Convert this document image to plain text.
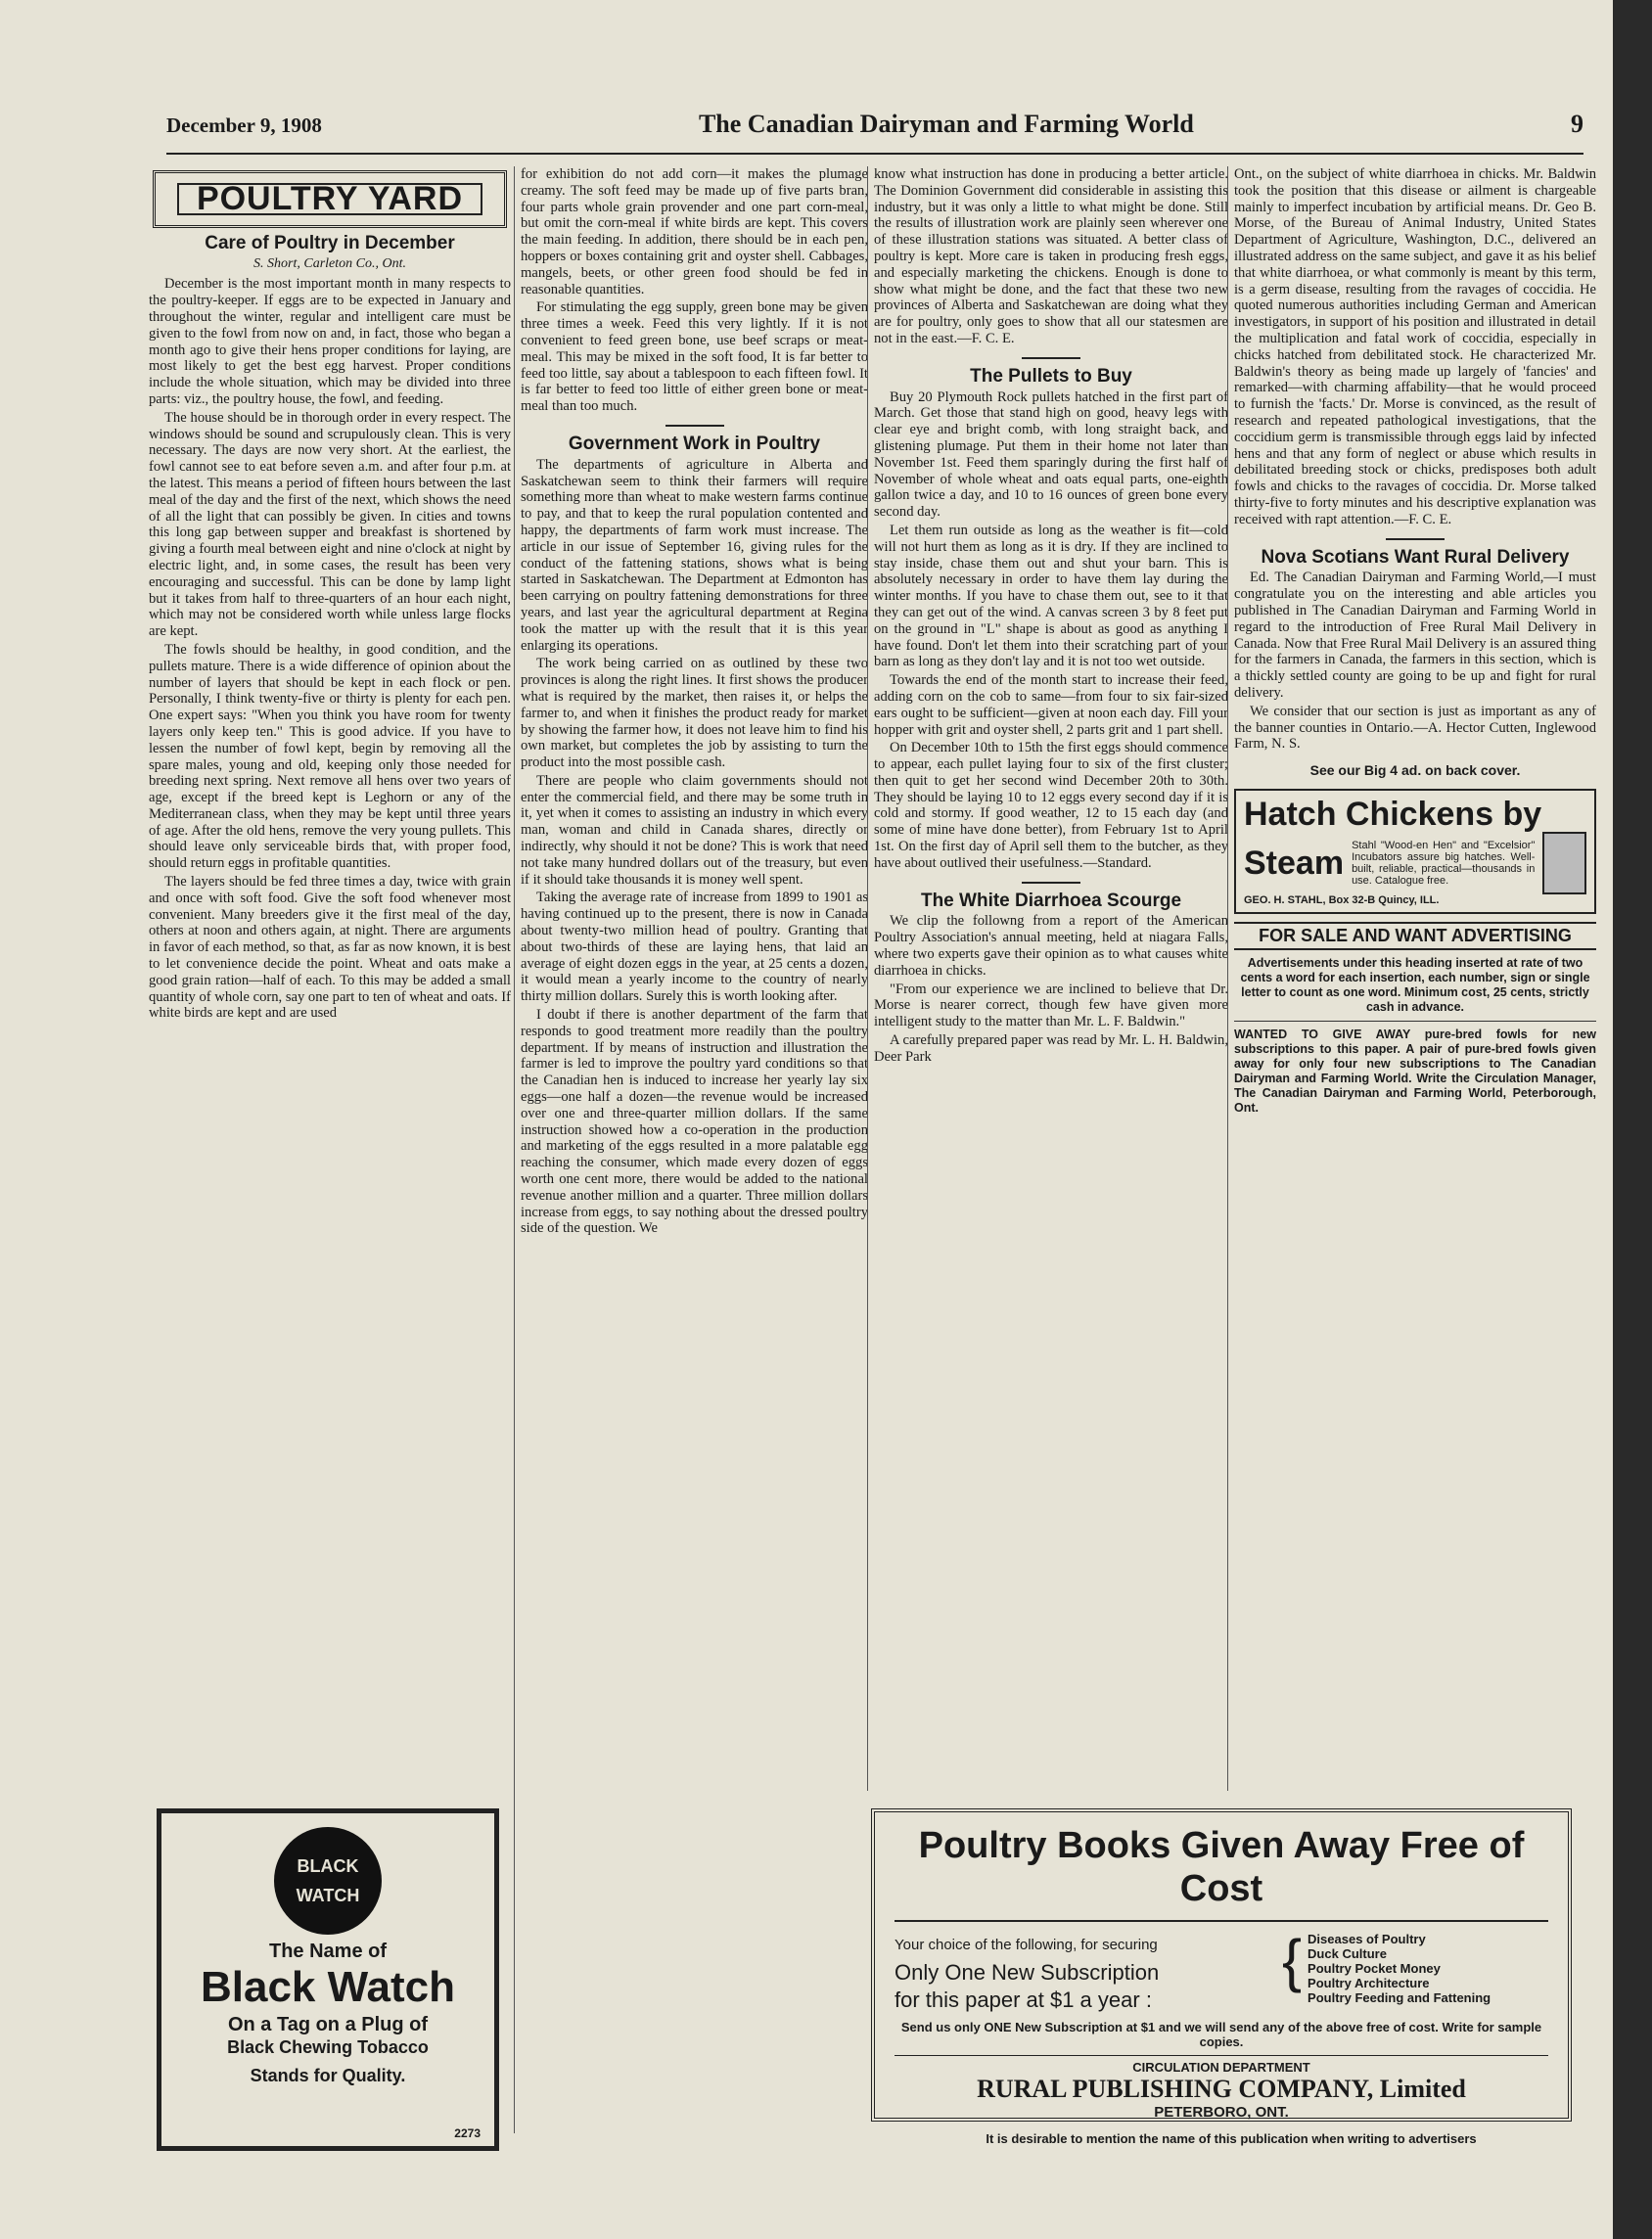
December 9, 1908	The Canadian Dairyman and Farming World	9
POULTRY YARD
Care of Poultry in December
S. Short, Carleton Co., Ont.

December is the most important month in many respects to the poultry-keeper. If eggs are to be expected in January and throughout the winter, regular and intelligent care must be given to the fowl from now on and, in fact, those who began a month ago to give their hens proper conditions for laying, are most likely to get the best egg harvest. Proper conditions include the whole situation, which may be divided into three parts: viz., the poultry house, the fowl, and feeding.

The house should be in thorough order in every respect. The windows should be sound and scrupulously clean. This is very necessary. The days are now very short. At the earliest, the fowl cannot see to eat before seven a.m. and after four p.m. at the latest. This means a period of fifteen hours between the last meal of the day and the first of the next, which shows the need of all the light that can possibly be given. In cities and towns this long gap between supper and breakfast is shortened by giving a fourth meal between eight and nine o'clock at night by electric light, and, in some cases, the result has been very encouraging and successful. This can be done by lamp light but it takes from half to three-quarters of an hour each night, which may not be considered worth while unless large flocks are kept.

The fowls should be healthy, in good condition, and the pullets mature. There is a wide difference of opinion about the number of layers that should be kept in each flock or pen. Personally, I think twenty-five or thirty is plenty for each pen. One expert says: "When you think you have room for twenty layers only keep ten." This is good advice. If you have to lessen the number of fowl kept, begin by removing all the spare males, young and old, keeping only those needed for breeding next spring. Next remove all hens over two years of age, except if the breed kept is Leghorn or any of the Mediterranean class, when they may be kept until three years of age. After the old hens, remove the very young pullets. This should leave only serviceable birds that, with proper food, should return eggs in profitable quantities.

The layers should be fed three times a day, twice with grain and once with soft food. Give the soft food whenever most convenient. Many breeders give it the first meal of the day, others at noon and others again, at night. There are arguments in favor of each method, so that, as far as now known, it is best to let convenience decide the point. Wheat and oats make a good grain ration—half of each. To this may be added a small quantity of whole corn, say one part to ten of wheat and oats. If white birds are kept and are used

for exhibition do not add corn—it makes the plumage creamy. The soft feed may be made up of five parts bran, four parts whole grain provender and one part corn-meal, but omit the corn-meal if white birds are kept. This covers the main feeding. In addition, there should be in each pen, hoppers or boxes containing grit and oyster shell. Cabbages, mangels, beets, or other green food should be fed in reasonable quantities.

For stimulating the egg supply, green bone may be given three times a week. Feed this very lightly. If it is not convenient to feed green bone, use beef scraps or meat-meal. This may be mixed in the soft food, It is far better to feed too little, say about a tablespoon to each fifteen fowl. It is far better to feed too little of either green bone or meat-meal than too much.

Government Work in Poultry

The departments of agriculture in Alberta and Saskatchewan seem to think their farmers will require something more than wheat to make western farms continue to pay, and that to keep the rural population contented and happy, the departments of farm work must increase. The article in our issue of September 16, giving rules for the conduct of the fattening stations, shows what is being started in Saskatchewan. The Department at Edmonton has been carrying on poultry fattening demonstrations for three years, and last year the agricultural department at Regina took the matter up with the result that it is this year enlarging its operations.

The work being carried on as outlined by these two provinces is along the right lines. It first shows the producer what is required by the market, then raises it, or helps the farmer to, and when it finishes the product ready for market by showing the farmer how, it does not leave him to find his own market, but completes the job by assisting to turn the product into the most possible cash.

There are people who claim governments should not enter the commercial field, and there may be some truth in it, yet when it comes to assisting an industry in which every man, woman and child in Canada shares, directly or indirectly, why should it not be done? This is work that need not take many hundred dollars out of the treasury, but even if it should take thousands it is money well spent.

Taking the average rate of increase from 1899 to 1901 as having continued up to the present, there is now in Canada about twenty-two million head of poultry. Granting that about two-thirds of these are laying hens, that laid an average of eight dozen eggs in the year, at 25 cents a dozen, it would mean a yearly income to the country of nearly thirty million dollars. Surely this is worth looking after.

I doubt if there is another department of the farm that responds to good treatment more readily than the poultry department. If by means of instruction and illustration the farmer is led to improve the poultry yard conditions so that the Canadian hen is induced to increase her yearly lay six eggs—one half a dozen—the revenue would be increased over one and three-quarter million dollars. If the same instruction showed how a co-operation in the production and marketing of the eggs resulted in a more palatable egg reaching the consumer, which made every dozen of eggs worth one cent more, there would be added to the national revenue another million and a quarter. Three million dollars increase from eggs, to say nothing about the dressed poultry side of the question. We

know what instruction has done in producing a better article. The Dominion Government did considerable in assisting this industry, but it was only a little to what might be done. Still the results of illustration work are plainly seen wherever one of these illustration stations was situated. A better class of poultry is kept. More care is taken in producing fresh eggs, and especially marketing the chickens. Enough is done to show what might be done, and the fact that these two new provinces of Alberta and Saskatchewan are doing what they are for poultry, only goes to show that all our statesmen are not in the east.—F. C. E.

The Pullets to Buy

Buy 20 Plymouth Rock pullets hatched in the first part of March. Get those that stand high on good, heavy legs with clear eye and bright comb, with long straight back, and glistening plumage. Put them in their home not later than November 1st. Feed them sparingly during the first half of November of whole wheat and oats equal parts, one-eighth gallon twice a day, and 10 to 16 ounces of green bone every second day.

Let them run outside as long as the weather is fit—cold will not hurt them as long as it is dry. If they are inclined to stay inside, chase them out and shut your barn. This is absolutely necessary in order to have them lay during the winter months. If you have to chase them out, see to it that they can get out of the wind. A canvas screen 3 by 8 feet put on the ground in "L" shape is about as good as anything I have found. Don't let them into their scratching part of your barn as long as they don't lay and it is not too wet outside.

Towards the end of the month start to increase their feed, adding corn on the cob to same—from four to six fair-sized ears ought to be sufficient—given at noon each day. Fill your hopper with grit and oyster shell, 2 parts grit and 1 part shell.

On December 10th to 15th the first eggs should commence to appear, each pullet laying four to six of the first cluster; then quit to get her second wind December 20th to 30th. They should be laying 10 to 12 eggs every second day if it is cold and stormy. If good weather, 12 to 15 each day (and some of mine have done better), from February 1st to April 1st. On the first day of April sell them to the butcher, as they have about outlived their usefulness.—Standard.

The White Diarrhoea Scourge

We clip the followng from a report of the American Poultry Association's annual meeting, held at niagara Falls, where two experts gave their opinion as to what causes white diarrhoea in chicks.

"From our experience we are inclined to believe that Dr. Morse is nearer correct, though few have given more intelligent study to the matter than Mr. L. F. Baldwin."

A carefully prepared paper was read by Mr. L. H. Baldwin, Deer Park

Ont., on the subject of white diarrhoea in chicks. Mr. Baldwin took the position that this disease or ailment is chargeable mainly to imperfect incubation by artificial means. Dr. Geo B. Morse, of the Bureau of Animal Industry, United States Department of Agriculture, Washington, D.C., delivered an illustrated address on the same subject, and gave it as his belief that white diarrhoea, or what commonly is meant by this term, is a germ disease, resulting from the ravages of coccidia. He quoted numerous authorities including German and American investigators, in support of his position and illustrated in detail the multiplication and fatal work of coccidia, especially in chicks hatched from debilitated stock. He characterized Mr. Baldwin's theory as being made up largely of 'fancies' and remarked—with charming affability—that he would proceed to furnish the 'facts.' Dr. Morse is convinced, as the result of research and repeated pathological investigations, that the coccidium germ is transmissible through eggs laid by infected hens and that any form of neglect or abuse which results in debilitated breeding stock or chicks, predisposes both adult fowls and chicks to the ravages of coccidia. Dr. Morse talked thirty-five to forty minutes and his descriptive explanation was received with rapt attention.—F. C. E.

Nova Scotians Want Rural Delivery

Ed. The Canadian Dairyman and Farming World,—I must congratulate you on the interesting and able articles you published in The Canadian Dairyman and Farming World in regard to the introduction of Free Rural Mail Delivery in Canada. Now that Free Rural Mail Delivery is an assured thing for the farmers in Canada, the farmers in this section, which is a thickly settled county are going to be up and fight for rural delivery.

We consider that our section is just as important as any of the banner counties in Ontario.—A. Hector Cutten, Inglewood Farm, N. S.

See our Big 4 ad. on back cover.
Hatch Chickens by
Steam Stahl "Wood-en Hen" and "Excelsior" Incubators assure big hatches. Well-built, reliable, practical—thousands in use. Catalogue free.
GEO. H. STAHL, Box 32-B Quincy, ILL.
FOR SALE AND WANT ADVERTISING
Advertisements under this heading inserted at rate of two cents a word for each insertion, each number, sign or single letter to count as one word. Minimum cost, 25 cents, strictly cash in advance.
WANTED TO GIVE AWAY pure-bred fowls for new subscriptions to this paper. A pair of pure-bred fowls given away for only four new subscriptions to The Canadian Dairyman and Farming World. Write the Circulation Manager, The Canadian Dairyman and Farming World, Peterborough, Ont.
BLACK
WATCH
The Name of
Black Watch
On a Tag on a Plug of
Black Chewing Tobacco
Stands for Quality.
2273
Poultry Books Given Away Free of Cost
Your choice of the following, for securing
Only One New Subscription
for this paper at $1 a year :
{ Diseases of Poultry
Duck Culture
Poultry Pocket Money
Poultry Architecture
Poultry Feeding and Fattening
Send us only ONE New Subscription at $1 and we will send any of the above free of cost. Write for sample copies.
CIRCULATION DEPARTMENT
RURAL PUBLISHING COMPANY, Limited
PETERBORO, ONT.
It is desirable to mention the name of this publication when writing to advertisers
